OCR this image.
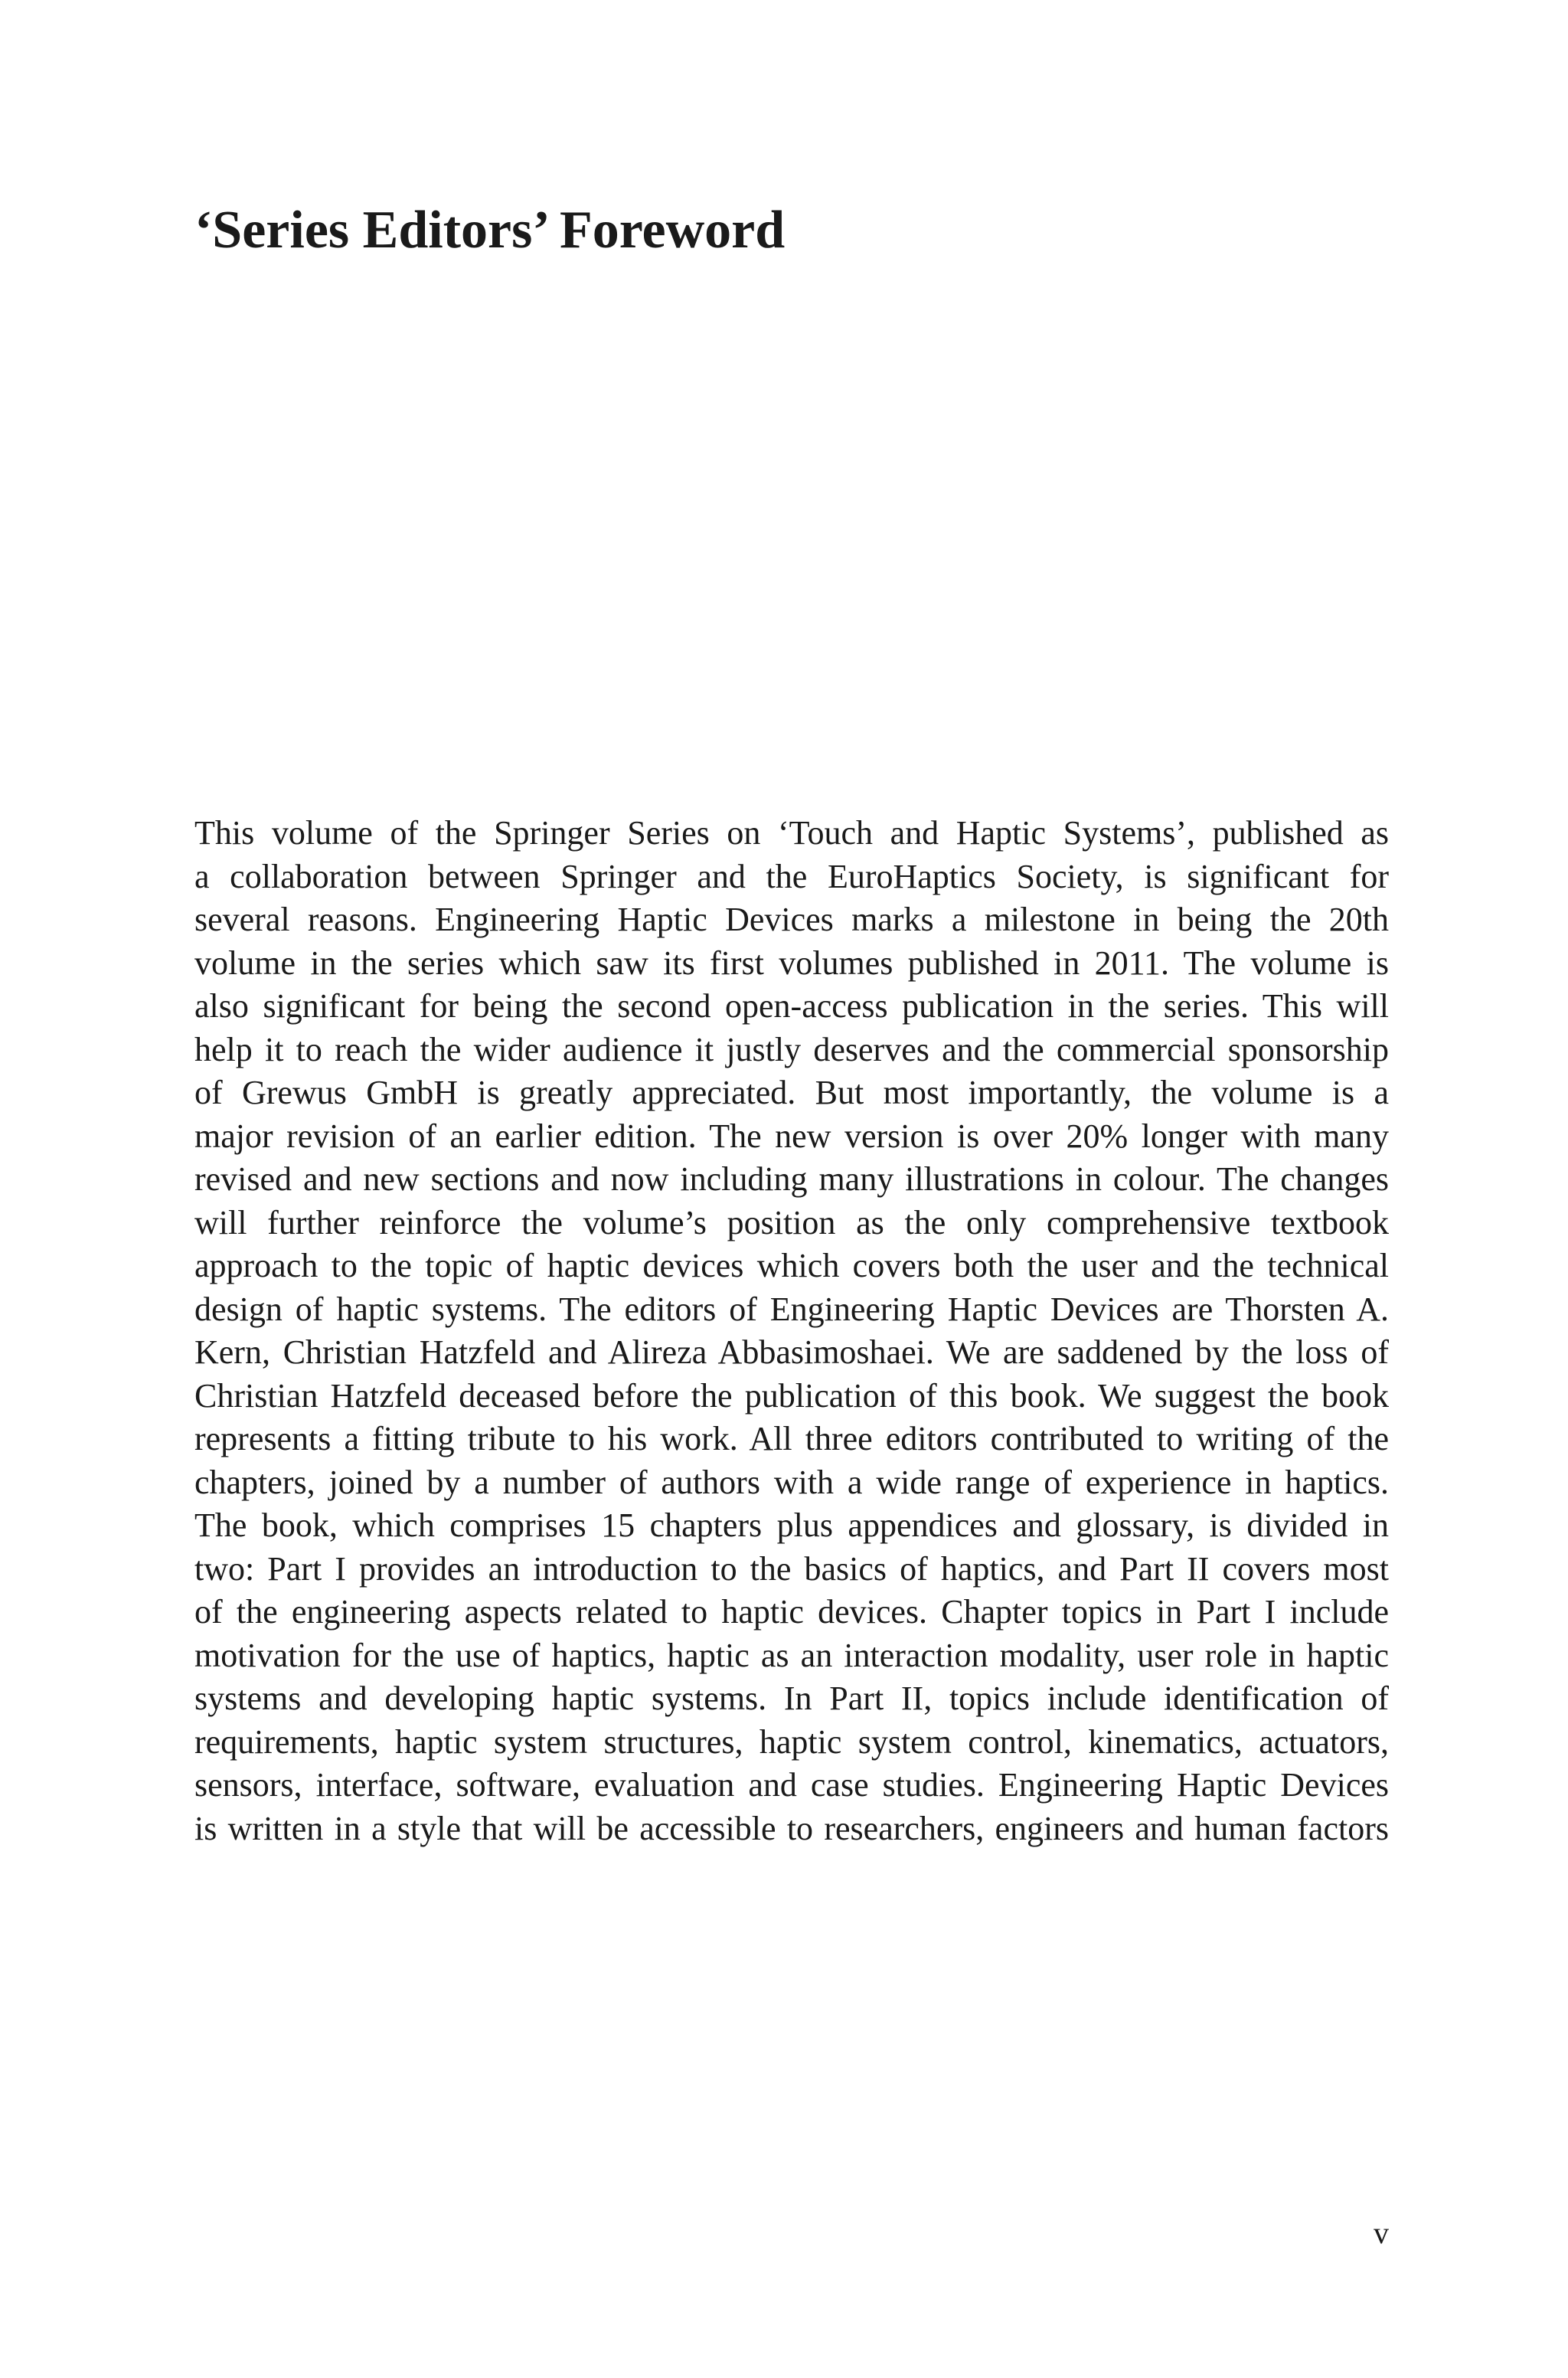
‘Series Editors’ Foreword
This volume of the Springer Series on ‘Touch and Haptic Systems’, published as
a collaboration between Springer and the EuroHaptics Society, is significant for
several reasons. Engineering Haptic Devices marks a milestone in being the 20th
volume in the series which saw its first volumes published in 2011. The volume is
also significant for being the second open-access publication in the series. This will
help it to reach the wider audience it justly deserves and the commercial sponsorship
of Grewus GmbH is greatly appreciated. But most importantly, the volume is a
major revision of an earlier edition. The new version is over 20% longer with many
revised and new sections and now including many illustrations in colour. The changes
will further reinforce the volume’s position as the only comprehensive textbook
approach to the topic of haptic devices which covers both the user and the technical
design of haptic systems. The editors of Engineering Haptic Devices are Thorsten A.
Kern, Christian Hatzfeld and Alireza Abbasimoshaei. We are saddened by the loss of
Christian Hatzfeld deceased before the publication of this book. We suggest the book
represents a fitting tribute to his work. All three editors contributed to writing of the
chapters, joined by a number of authors with a wide range of experience in haptics.
The book, which comprises 15 chapters plus appendices and glossary, is divided in
two: Part I provides an introduction to the basics of haptics, and Part II covers most
of the engineering aspects related to haptic devices. Chapter topics in Part I include
motivation for the use of haptics, haptic as an interaction modality, user role in haptic
systems and developing haptic systems. In Part II, topics include identification of
requirements, haptic system structures, haptic system control, kinematics, actuators,
sensors, interface, software, evaluation and case studies. Engineering Haptic Devices
is written in a style that will be accessible to researchers, engineers and human factors
v
